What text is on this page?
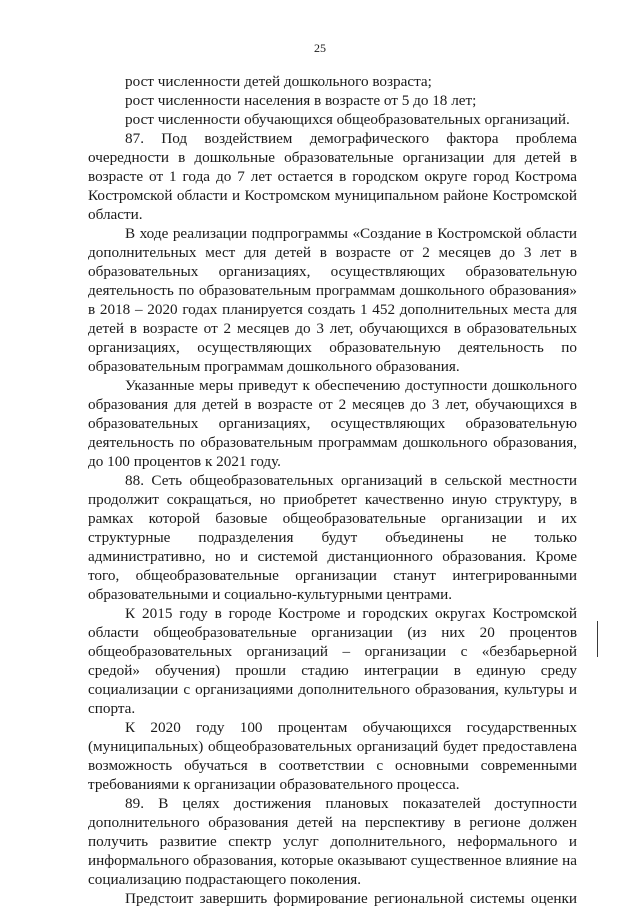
25
рост численности детей дошкольного возраста;
рост численности населения в возрасте от 5 до 18 лет;
рост численности обучающихся общеобразовательных организаций.
87. Под воздействием демографического фактора проблема
очередности в дошкольные образовательные организации для детей в
возрасте от 1 года до 7 лет остается в городском округе город Кострома
Костромской области и Костромском муниципальном районе Костромской
области.
В ходе реализации подпрограммы «Создание в Костромской области
дополнительных мест для детей в возрасте от 2 месяцев до 3 лет в
образовательных организациях, осуществляющих образовательную
деятельность по образовательным программам дошкольного образования»
в 2018 – 2020 годах планируется создать 1 452 дополнительных места для
детей в возрасте от 2 месяцев до 3 лет, обучающихся в образовательных
организациях, осуществляющих образовательную деятельность по
образовательным программам дошкольного образования.
Указанные меры приведут к обеспечению доступности дошкольного
образования для детей в возрасте от 2 месяцев до 3 лет, обучающихся в
образовательных организациях, осуществляющих образовательную
деятельность по образовательным программам дошкольного образования,
до 100 процентов к 2021 году.
88. Сеть общеобразовательных организаций в сельской местности
продолжит сокращаться, но приобретет качественно иную структуру, в
рамках которой базовые общеобразовательные организации и их
структурные подразделения будут объединены не только
административно, но и системой дистанционного образования. Кроме
того, общеобразовательные организации станут интегрированными
образовательными и социально-культурными центрами.
К 2015 году в городе Костроме и городских округах Костромской
области общеобразовательные организации (из них 20 процентов
общеобразовательных организаций – организации с «безбарьерной
средой» обучения) прошли стадию интеграции в единую среду
социализации с организациями дополнительного образования, культуры и
спорта.
К 2020 году 100 процентам обучающихся государственных
(муниципальных) общеобразовательных организаций будет предоставлена
возможность обучаться в соответствии с основными современными
требованиями к организации образовательного процесса.
89. В целях достижения плановых показателей доступности
дополнительного образования детей на перспективу в регионе должен
получить развитие спектр услуг дополнительного, неформального и
информального образования, которые оказывают существенное влияние на
социализацию подрастающего поколения.
Предстоит завершить формирование региональной системы оценки
